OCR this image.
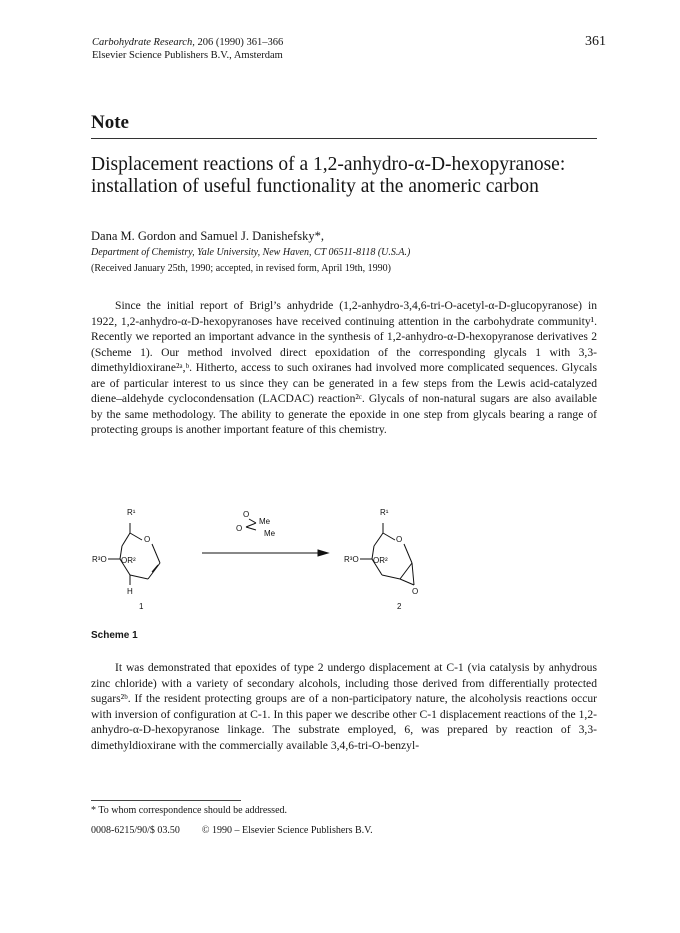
Carbohydrate Research, 206 (1990) 361–366
Elsevier Science Publishers B.V., Amsterdam
361
Note
Displacement reactions of a 1,2-anhydro-α-D-hexopyranose: installation of useful functionality at the anomeric carbon
Dana M. Gordon and Samuel J. Danishefsky*,
Department of Chemistry, Yale University, New Haven, CT 06511-8118 (U.S.A.)
(Received January 25th, 1990; accepted, in revised form, April 19th, 1990)

Since the initial report of Brigl’s anhydride (1,2-anhydro-3,4,6-tri-O-acetyl-α-D-glucopyranose) in 1922, 1,2-anhydro-α-D-hexopyranoses have received continuing attention in the carbohydrate community¹. Recently we reported an important advance in the synthesis of 1,2-anhydro-α-D-hexopyranose derivatives 2 (Scheme 1). Our method involved direct epoxidation of the corresponding glycals 1 with 3,3-dimethyldioxirane²ᵃ,ᵇ. Hitherto, access to such oxiranes had involved more complicated sequences. Glycals are of particular interest to us since they can be generated in a few steps from the Lewis acid-catalyzed diene–aldehyde cyclocondensation (LACDAC) reaction²ᶜ. Glycals of non-natural sugars are also available by the same methodology. The ability to generate the epoxide in one step from glycals bearing a range of protecting groups is another important feature of this chemistry.

R¹
O
R³O OR²
H
1
O
O
Me
Me
R¹
O
R³O OR²
O
2
Scheme 1

It was demonstrated that epoxides of type 2 undergo displacement at C-1 (via catalysis by anhydrous zinc chloride) with a variety of secondary alcohols, including those derived from differentially protected sugars²ᵇ. If the resident protecting groups are of a non-participatory nature, the alcoholysis reactions occur with inversion of configuration at C-1. In this paper we describe other C-1 displacement reactions of the 1,2-anhydro-α-D-hexopyranose linkage. The substrate employed, 6, was prepared by reaction of 3,3-dimethyldioxirane with the commercially available 3,4,6-tri-O-benzyl-

* To whom correspondence should be addressed.
0008-6215/90/$ 03.50 © 1990 – Elsevier Science Publishers B.V.
